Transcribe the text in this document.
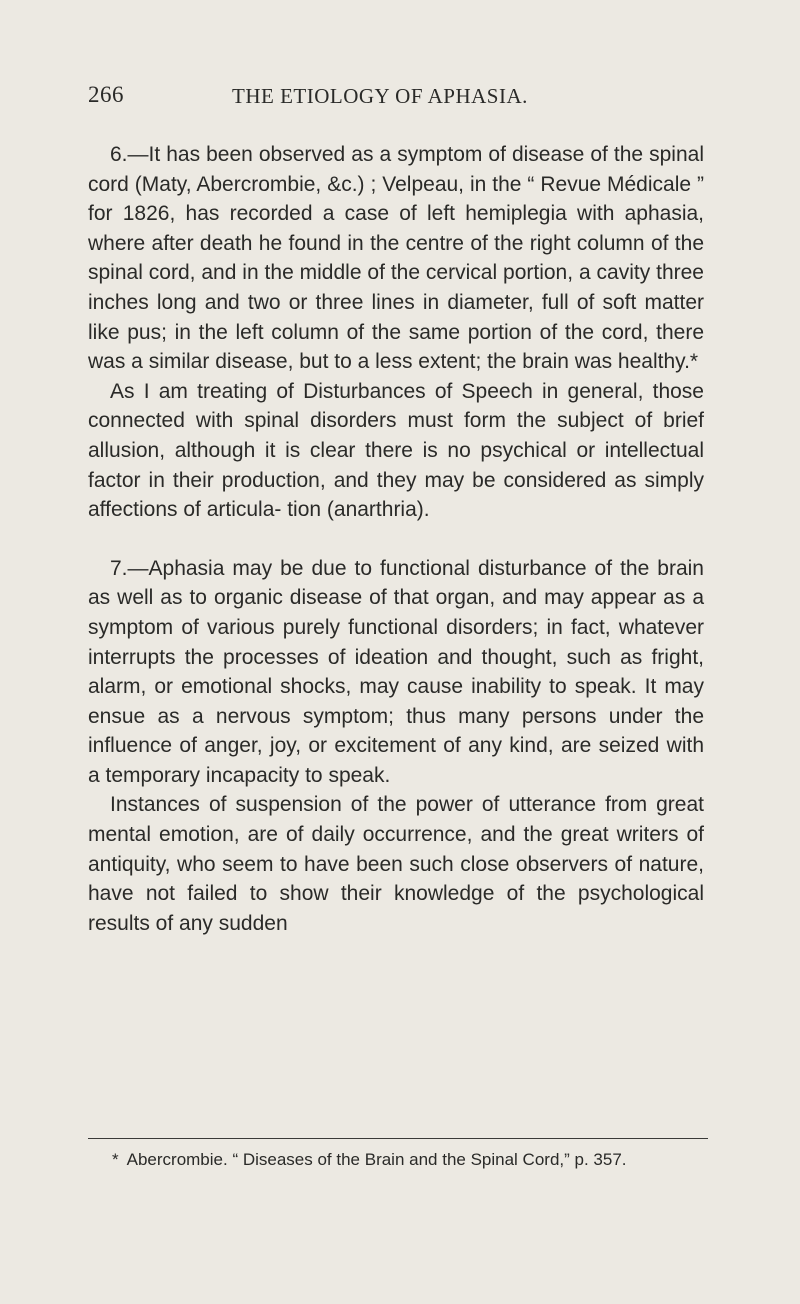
266	THE ETIOLOGY OF APHASIA.

6.—It has been observed as a symptom of disease of the spinal cord (Maty, Abercrombie, &c.) ; Velpeau, in the “ Revue Médicale ” for 1826, has recorded a case of left hemiplegia with aphasia, where after death he found in the centre of the right column of the spinal cord, and in the middle of the cervical portion, a cavity three inches long and two or three lines in diameter, full of soft matter like pus; in the left column of the same portion of the cord, there was a similar disease, but to a less extent; the brain was healthy.*

As I am treating of Disturbances of Speech in general, those connected with spinal disorders must form the subject of brief allusion, although it is clear there is no psychical or intellectual factor in their production, and they may be considered as simply affections of articula- tion (anarthria).

7.—Aphasia may be due to functional disturbance of the brain as well as to organic disease of that organ, and may appear as a symptom of various purely functional disorders; in fact, whatever interrupts the processes of ideation and thought, such as fright, alarm, or emotional shocks, may cause inability to speak. It may ensue as a nervous symptom; thus many persons under the influence of anger, joy, or excitement of any kind, are seized with a temporary incapacity to speak.

Instances of suspension of the power of utterance from great mental emotion, are of daily occurrence, and the great writers of antiquity, who seem to have been such close observers of nature, have not failed to show their knowledge of the psychological results of any sudden

* Abercrombie. “ Diseases of the Brain and the Spinal Cord,” p. 357.
